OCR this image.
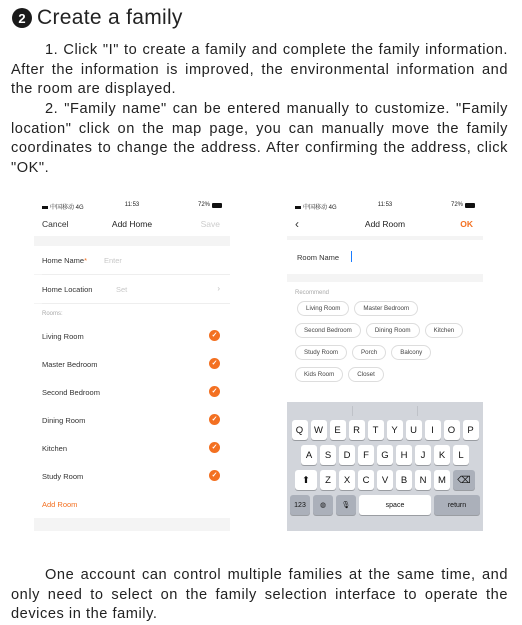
2 Create a family
1. Click "I" to create a family and complete the family information. After the information is improved, the environmental information and the room are displayed.
2. "Family name" can be entered manually to customize. "Family location" click on the map page, you can manually move the family coordinates to change the address. After confirming the address, click "OK".
中国移动 4G	11:53	72%
Cancel	Add Home	Save
Home Name* Enter
Home Location	Set	›
Rooms:
Living Room	✓
Master Bedroom	✓
Second Bedroom	✓
Dining Room	✓
Kitchen	✓
Study Room	✓
Add Room
中国移动 4G	11:53	72%
‹	Add Room	OK
Room Name
Recommend
Living Room	Master Bedroom
Second Bedroom	Dining Room	Kitchen
Study Room	Porch	Balcony
Kids Room	Closet
Q	W	E	R	T	Y	U	I	O	P
A	S	D	F	G	H	J	K	L
⬆	Z	X	C	V	B	N	M	⌫
123	◍	🎙	space	return
One account can control multiple families at the same time, and only need to select on the family selection interface to operate the devices in the family.
